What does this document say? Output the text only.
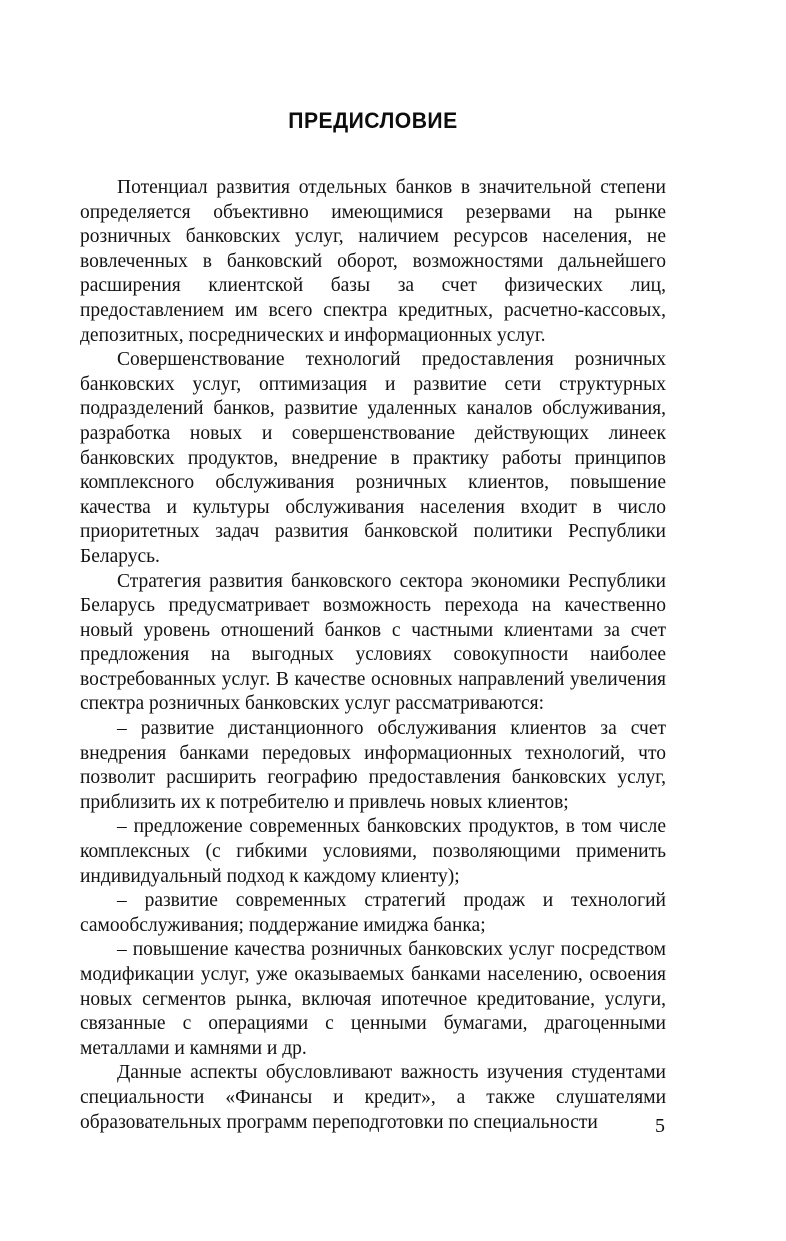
ПРЕДИСЛОВИЕ

Потенциал развития отдельных банков в значительной степени определяется объективно имеющимися резервами на рынке розничных банковских услуг, наличием ресурсов населения, не вовлеченных в банковский оборот, возможностями дальнейшего расширения клиентской базы за счет физических лиц, предоставлением им всего спектра кредитных, расчетно-кассовых, депозитных, посреднических и информационных услуг.

Совершенствование технологий предоставления розничных банковских услуг, оптимизация и развитие сети структурных подразделений банков, развитие удаленных каналов обслуживания, разработка новых и совершенствование действующих линеек банковских продуктов, внедрение в практику работы принципов комплексного обслуживания розничных клиентов, повышение качества и культуры обслуживания населения входит в число приоритетных задач развития банковской политики Республики Беларусь.

Стратегия развития банковского сектора экономики Республики Беларусь предусматривает возможность перехода на качественно новый уровень отношений банков с частными клиентами за счет предложения на выгодных условиях совокупности наиболее востребованных услуг. В качестве основных направлений увеличения спектра розничных банковских услуг рассматриваются:

– развитие дистанционного обслуживания клиентов за счет внедрения банками передовых информационных технологий, что позволит расширить географию предоставления банковских услуг, приблизить их к потребителю и привлечь новых клиентов;

– предложение современных банковских продуктов, в том числе комплексных (с гибкими условиями, позволяющими применить индивидуальный подход к каждому клиенту);

– развитие современных стратегий продаж и технологий самообслуживания; поддержание имиджа банка;

– повышение качества розничных банковских услуг посредством модификации услуг, уже оказываемых банками населению, освоения новых сегментов рынка, включая ипотечное кредитование, услуги, связанные с операциями с ценными бумагами, драгоценными металлами и камнями и др.

Данные аспекты обусловливают важность изучения студентами специальности «Финансы и кредит», а также слушателями образовательных программ переподготовки по специальности	5
